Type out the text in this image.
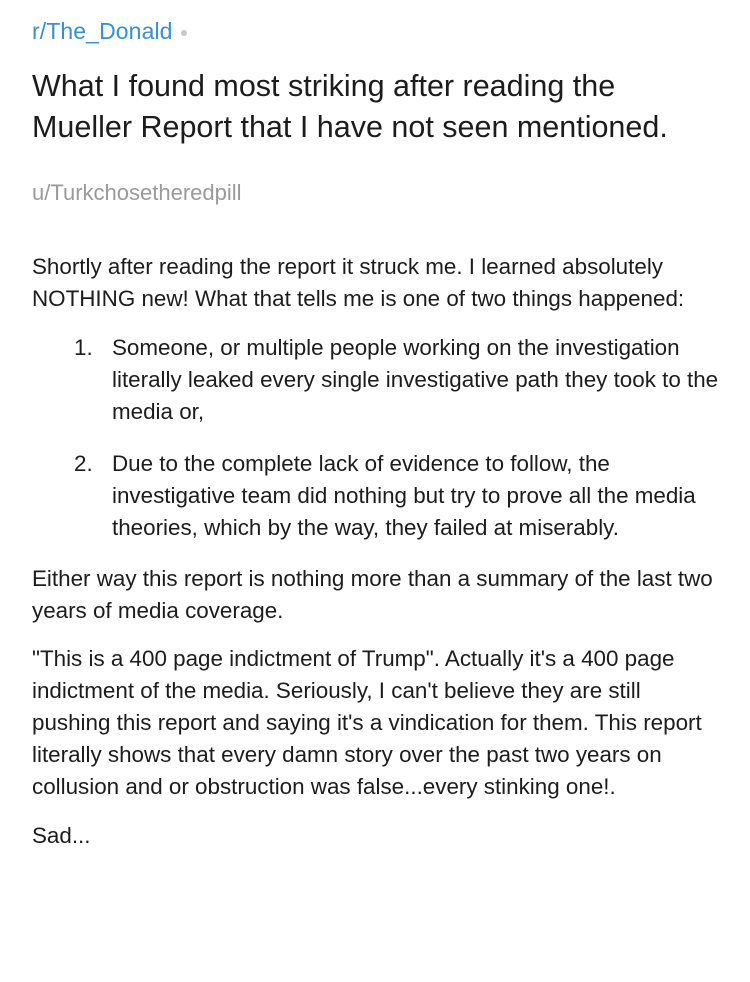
r/The_Donald
What I found most striking after reading the Mueller Report that I have not seen mentioned.
u/Turkchosetheredpill

Shortly after reading the report it struck me. I learned absolutely NOTHING new! What that tells me is one of two things happened:

1. Someone, or multiple people working on the investigation literally leaked every single investigative path they took to the media or,
2. Due to the complete lack of evidence to follow, the investigative team did nothing but try to prove all the media theories, which by the way, they failed at miserably.

Either way this report is nothing more than a summary of the last two years of media coverage.

"This is a 400 page indictment of Trump". Actually it's a 400 page indictment of the media. Seriously, I can't believe they are still pushing this report and saying it's a vindication for them. This report literally shows that every damn story over the past two years on collusion and or obstruction was false...every stinking one!.

Sad...
